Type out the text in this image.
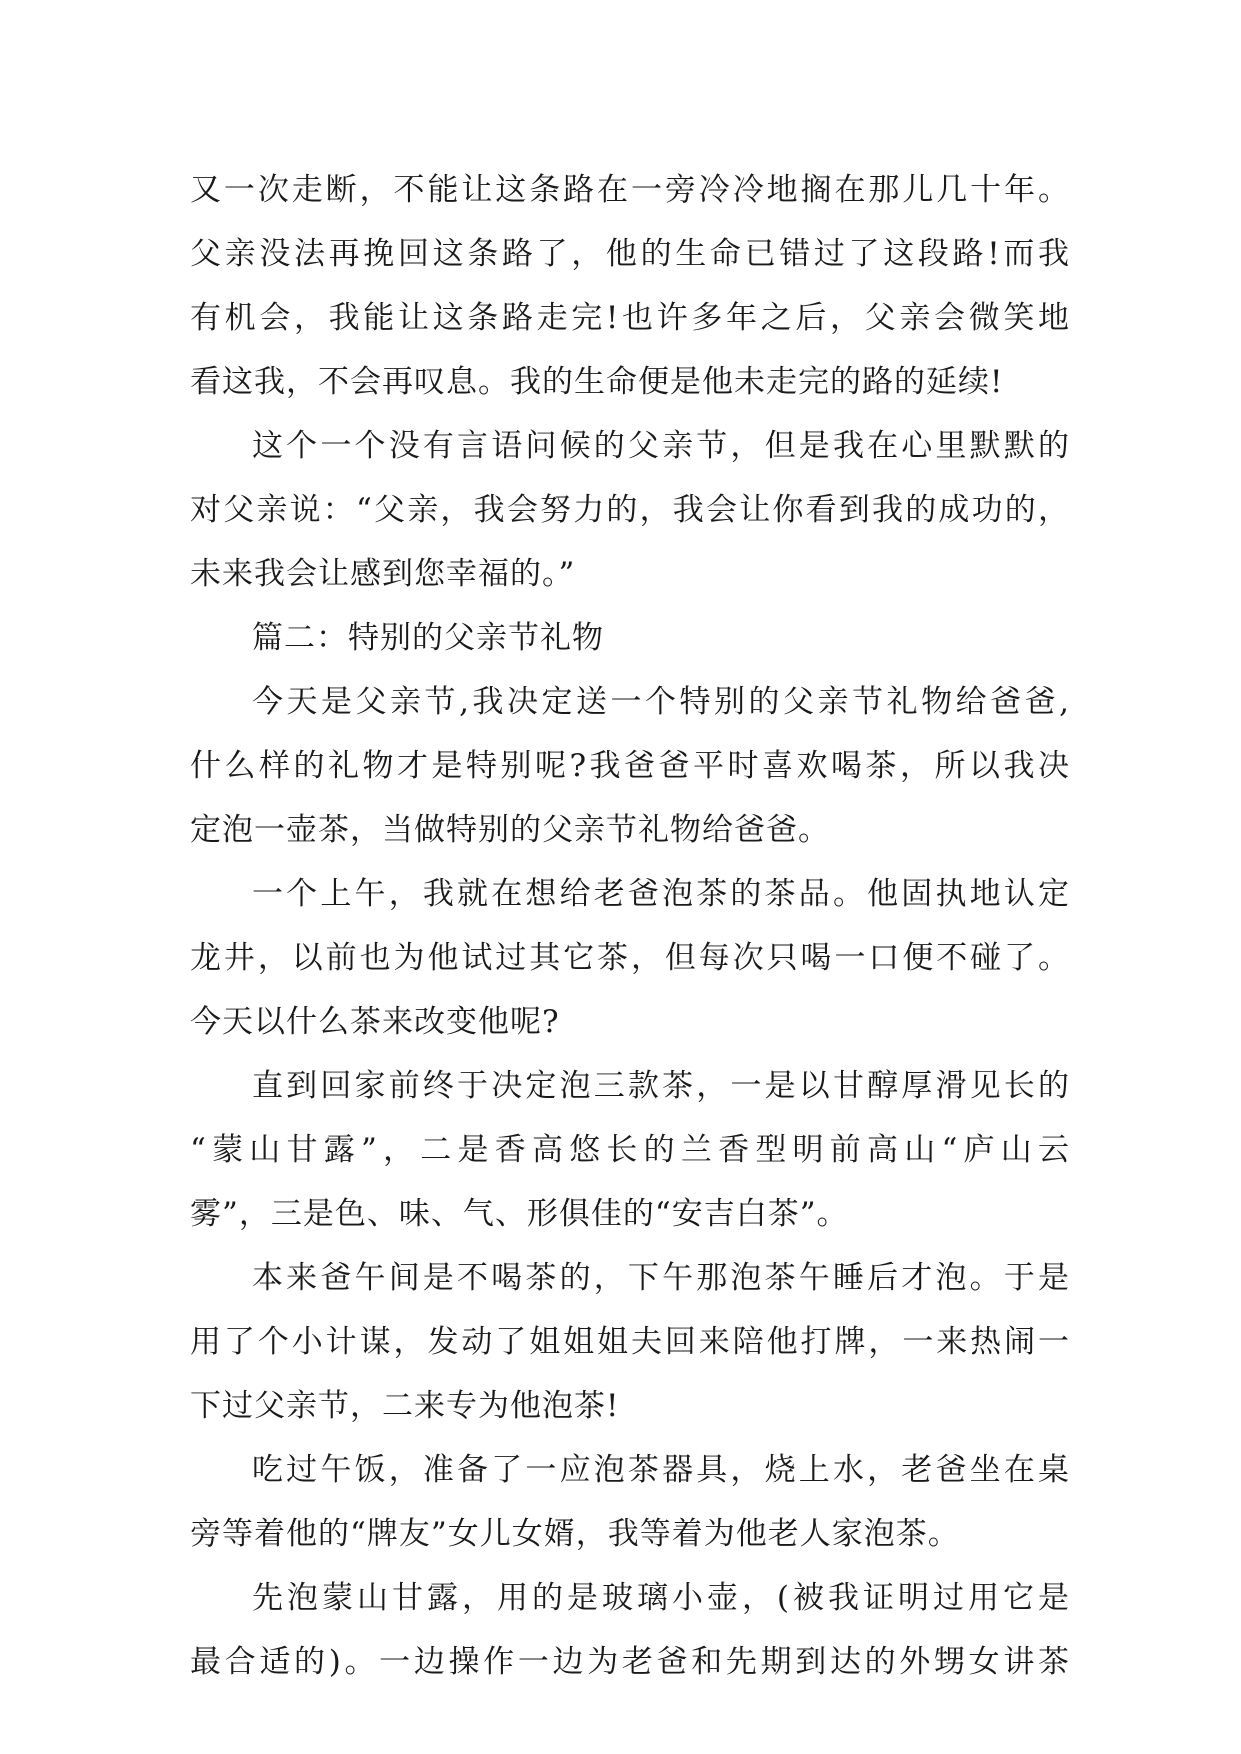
又一次走断，不能让这条路在一旁冷冷地搁在那儿几十年。
父亲没法再挽回这条路了，他的生命已错过了这段路!而我
有机会，我能让这条路走完!也许多年之后，父亲会微笑地
看这我，不会再叹息。我的生命便是他未走完的路的延续!
这个一个没有言语问候的父亲节，但是我在心里默默的
对父亲说：“父亲，我会努力的，我会让你看到我的成功的，
未来我会让感到您幸福的。”
篇二：特别的父亲节礼物
今天是父亲节,我决定送一个特别的父亲节礼物给爸爸,
什么样的礼物才是特别呢?我爸爸平时喜欢喝茶，所以我决
定泡一壶茶，当做特别的父亲节礼物给爸爸。
一个上午，我就在想给老爸泡茶的茶品。他固执地认定
龙井，以前也为他试过其它茶，但每次只喝一口便不碰了。
今天以什么茶来改变他呢?
直到回家前终于决定泡三款茶，一是以甘醇厚滑见长的
“蒙山甘露”，二是香高悠长的兰香型明前高山“庐山云
雾”，三是色、味、气、形俱佳的“安吉白茶”。
本来爸午间是不喝茶的，下午那泡茶午睡后才泡。于是
用了个小计谋，发动了姐姐姐夫回来陪他打牌，一来热闹一
下过父亲节，二来专为他泡茶!
吃过午饭，准备了一应泡茶器具，烧上水，老爸坐在桌
旁等着他的“牌友”女儿女婿，我等着为他老人家泡茶。
先泡蒙山甘露，用的是玻璃小壶，(被我证明过用它是
最合适的)。一边操作一边为老爸和先期到达的外甥女讲茶
